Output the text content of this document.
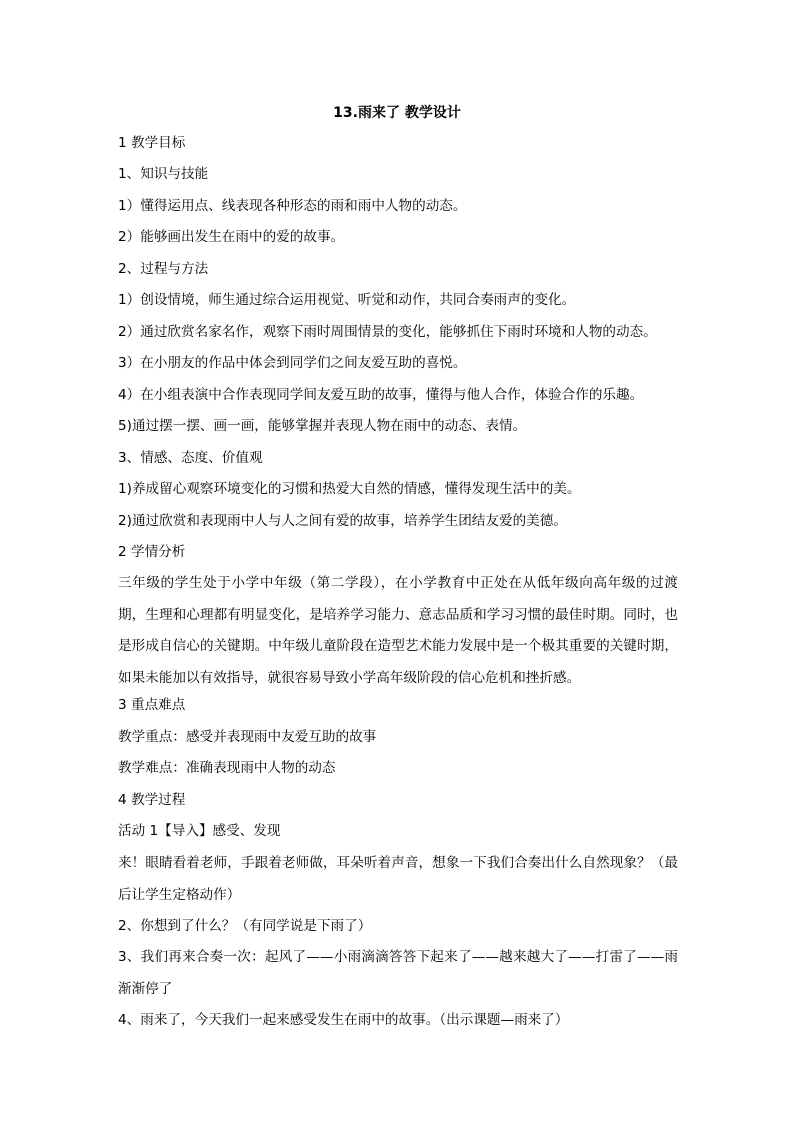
13.雨来了 教学设计
1 教学目标
1、知识与技能
1）懂得运用点、线表现各种形态的雨和雨中人物的动态。
2）能够画出发生在雨中的爱的故事。
2、过程与方法
1）创设情境，师生通过综合运用视觉、听觉和动作，共同合奏雨声的变化。
2）通过欣赏名家名作，观察下雨时周围情景的变化，能够抓住下雨时环境和人物的动态。
3）在小朋友的作品中体会到同学们之间友爱互助的喜悦。
4）在小组表演中合作表现同学间友爱互助的故事，懂得与他人合作，体验合作的乐趣。
5)通过摆一摆、画一画，能够掌握并表现人物在雨中的动态、表情。
3、情感、态度、价值观
1)养成留心观察环境变化的习惯和热爱大自然的情感，懂得发现生活中的美。
2)通过欣赏和表现雨中人与人之间有爱的故事，培养学生团结友爱的美德。
2 学情分析
三年级的学生处于小学中年级（第二学段），在小学教育中正处在从低年级向高年级的过渡期，生理和心理都有明显变化，是培养学习能力、意志品质和学习习惯的最佳时期。同时，也是形成自信心的关键期。中年级儿童阶段在造型艺术能力发展中是一个极其重要的关键时期，如果未能加以有效指导，就很容易导致小学高年级阶段的信心危机和挫折感。
3 重点难点
教学重点：感受并表现雨中友爱互助的故事
教学难点：准确表现雨中人物的动态
4 教学过程
活动 1【导入】感受、发现
来！眼睛看着老师，手跟着老师做，耳朵听着声音，想象一下我们合奏出什么自然现象？（最后让学生定格动作）
2、你想到了什么？（有同学说是下雨了）
3、我们再来合奏一次：起风了——小雨滴滴答答下起来了——越来越大了——打雷了——雨渐渐停了
4、雨来了，今天我们一起来感受发生在雨中的故事。（出示课题—雨来了）
